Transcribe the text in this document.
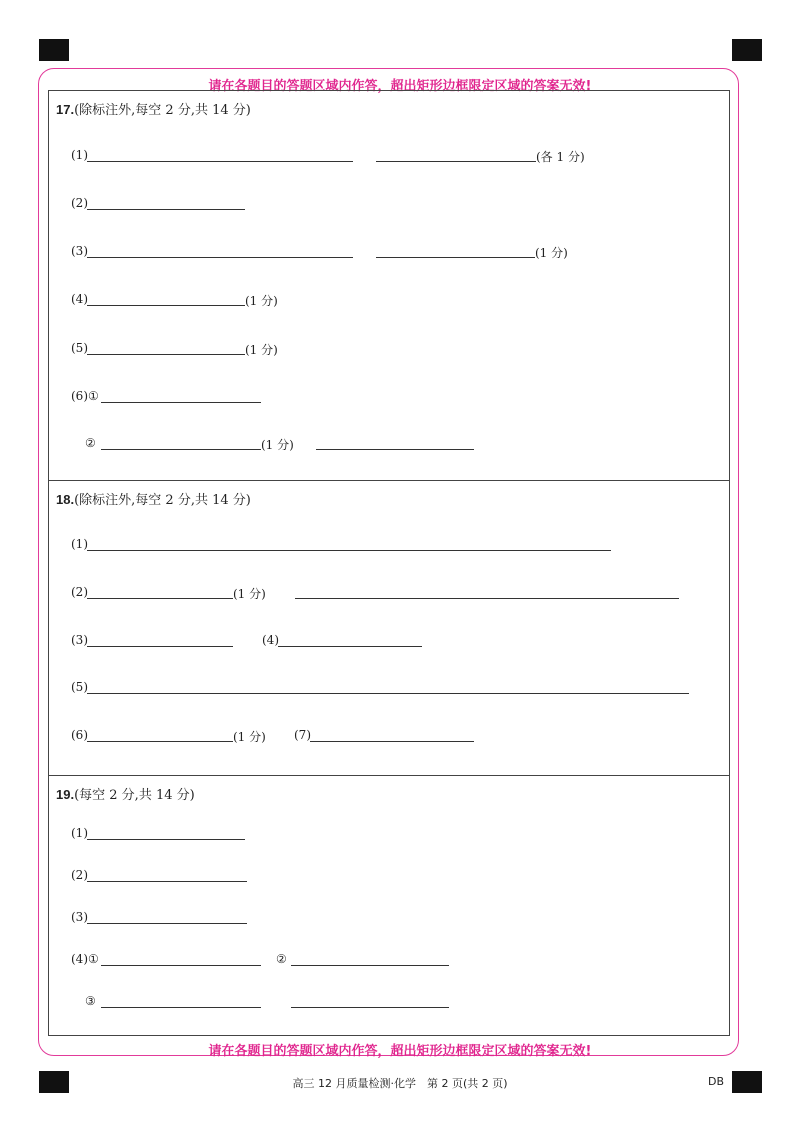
请在各题目的答题区域内作答，超出矩形边框限定区域的答案无效!
请在各题目的答题区域内作答，超出矩形边框限定区域的答案无效!
17.(除标注外,每空 2 分,共 14 分)
(1)	(各 1 分)
(2)
(3)	(1 分)
(4)	(1 分)
(5)	(1 分)
(6)①
②	(1 分)
18.(除标注外,每空 2 分,共 14 分)
(1)
(2)	(1 分)
(3)	(4)
(5)
(6)	(1 分) (7)
19.(每空 2 分,共 14 分)
(1)
(2)
(3)
(4)①	②
③
高三 12 月质量检测·化学　第 2 页(共 2 页)	DB
